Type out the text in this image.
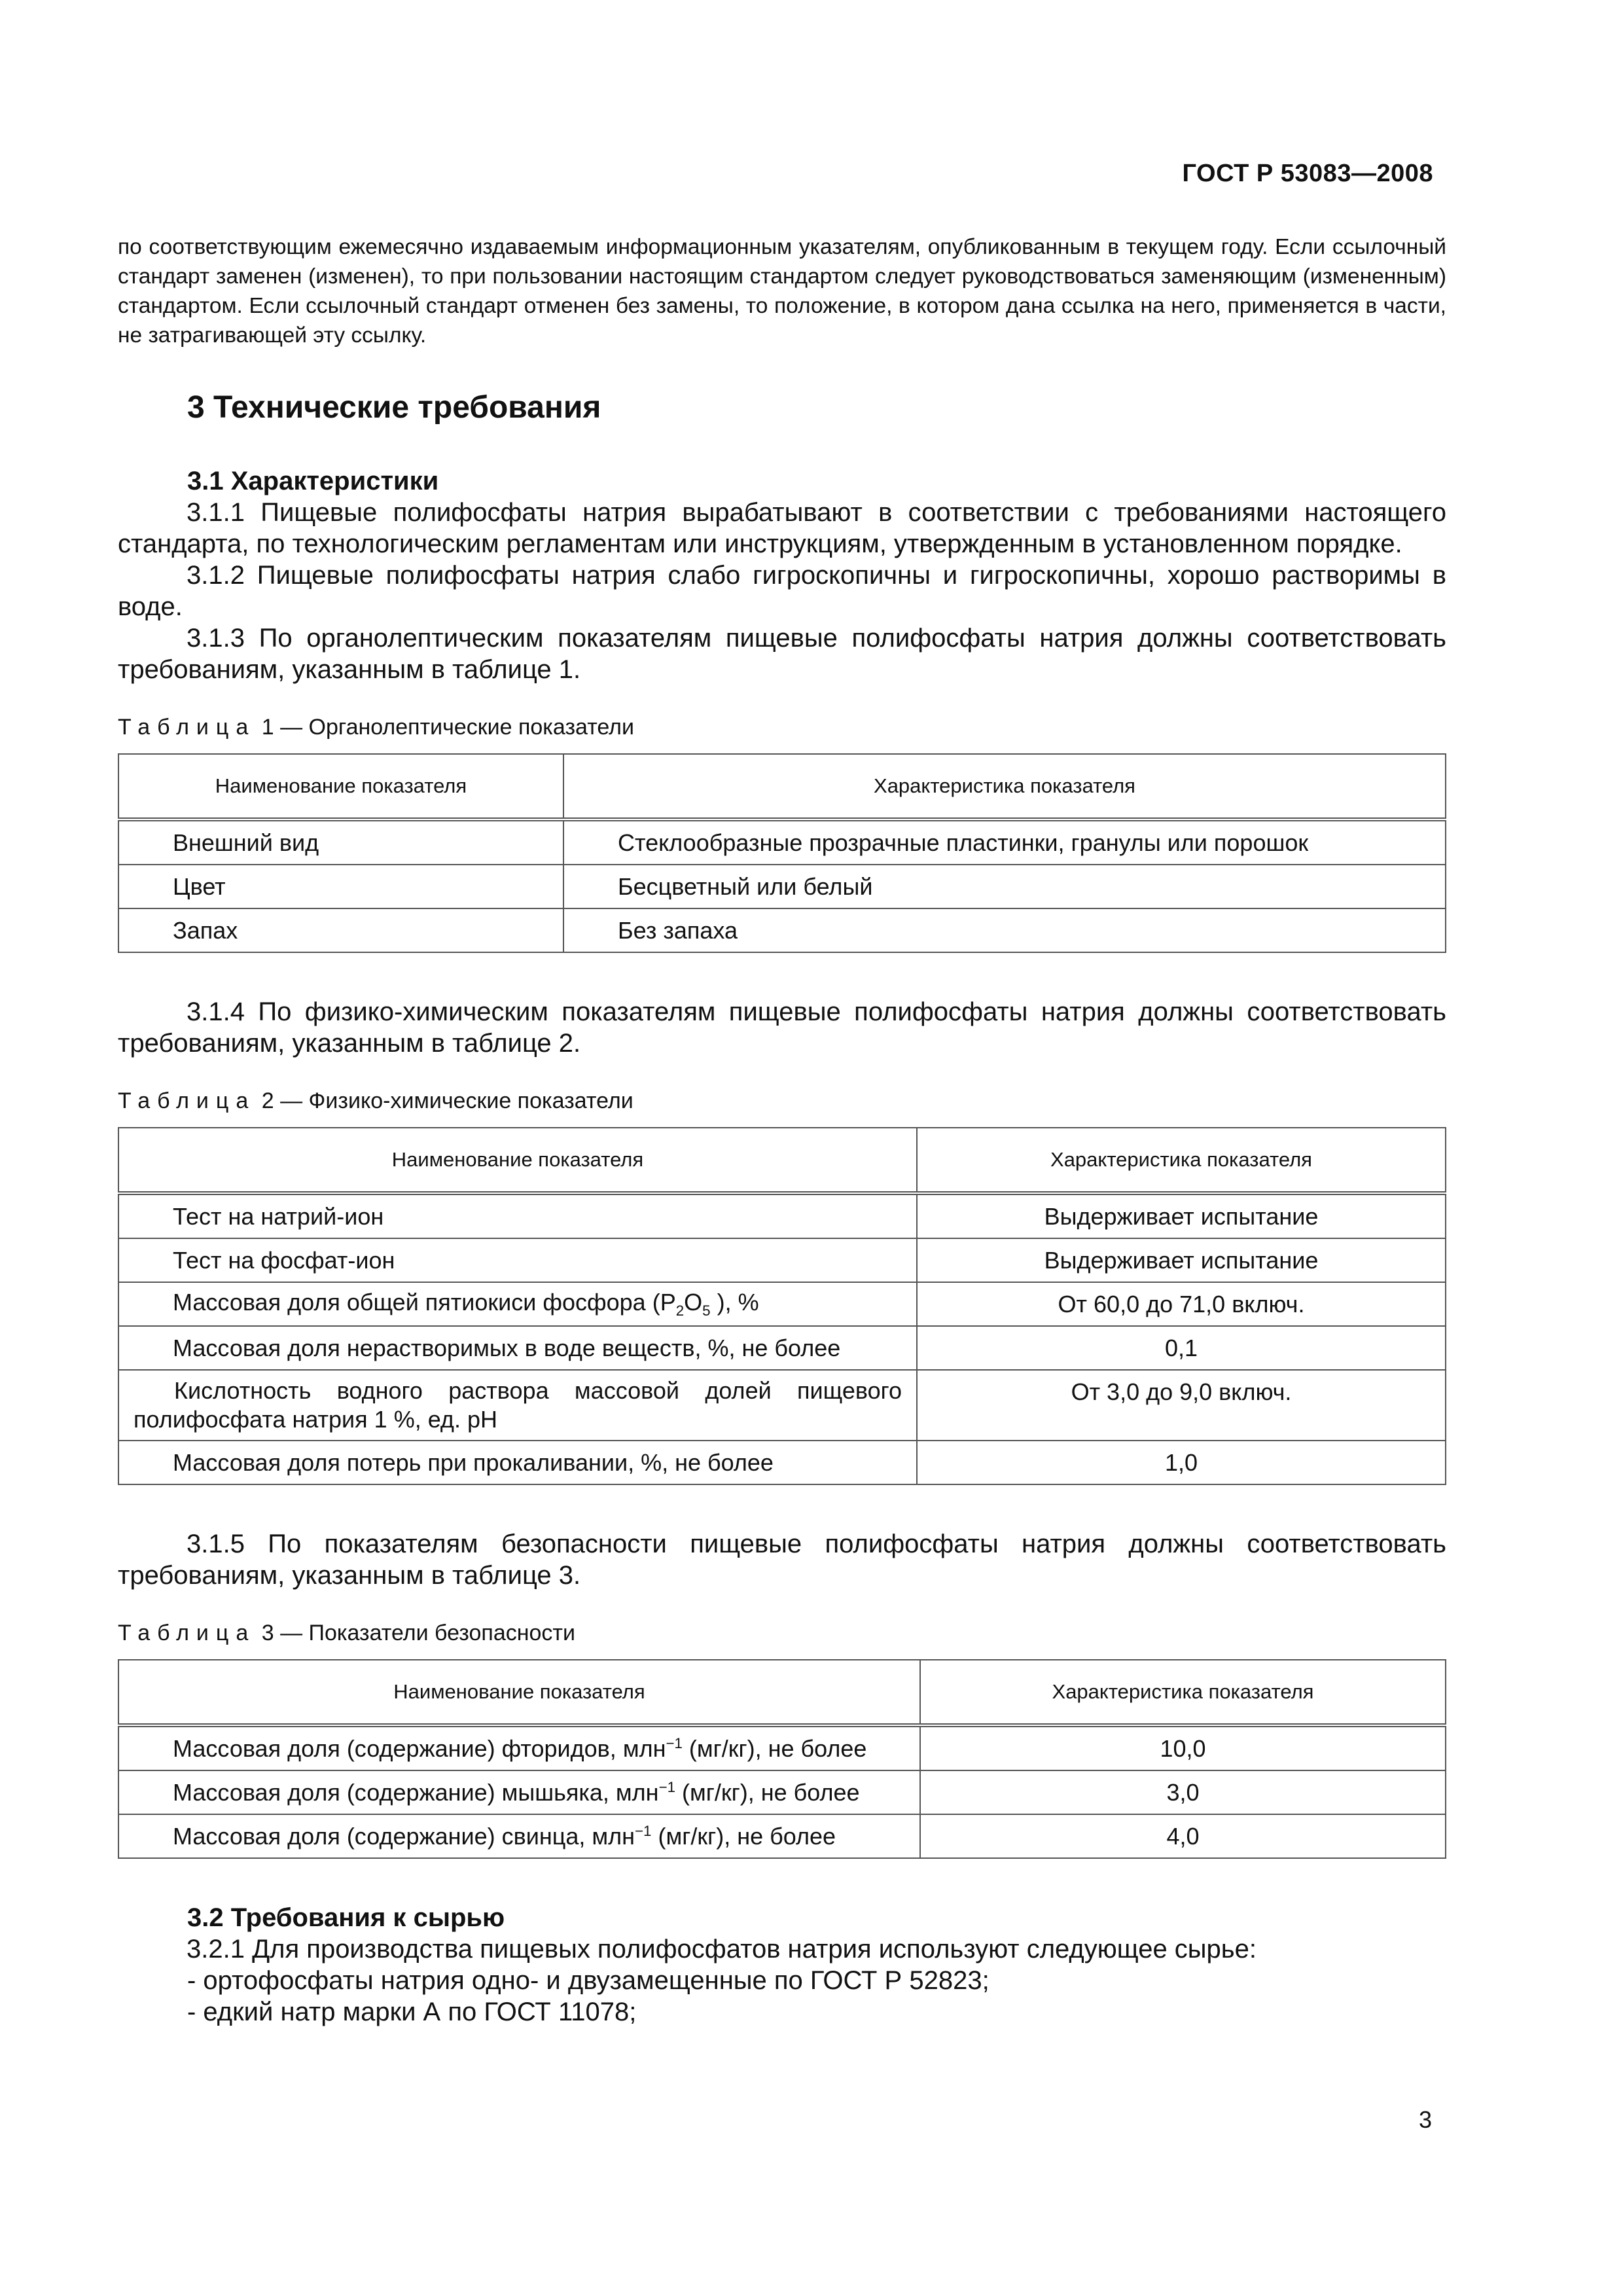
ГОСТ Р 53083—2008

по соответствующим ежемесячно издаваемым информационным указателям, опубликованным в текущем году. Если ссылочный стандарт заменен (изменен), то при пользовании настоящим стандартом следует руководствоваться заменяющим (измененным) стандартом. Если ссылочный стандарт отменен без замены, то положение, в котором дана ссылка на него, применяется в части, не затрагивающей эту ссылку.

3 Технические требования
3.1 Характеристики

3.1.1 Пищевые полифосфаты натрия вырабатывают в соответствии с требованиями настоящего стандарта, по технологическим регламентам или инструкциям, утвержденным в установленном порядке.

3.1.2 Пищевые полифосфаты натрия слабо гигроскопичны и гигроскопичны, хорошо растворимы в воде.

3.1.3 По органолептическим показателям пищевые полифосфаты натрия должны соответствовать требованиям, указанным в таблице 1.

Таблица 1 — Органолептические показатели
Наименование показателя	Характеристика показателя
Внешний вид	Стеклообразные прозрачные пластинки, гранулы или порошок
Цвет	Бесцветный или белый
Запах	Без запаха

3.1.4 По физико-химическим показателям пищевые полифосфаты натрия должны соответствовать требованиям, указанным в таблице 2.

Таблица 2 — Физико-химические показатели
Наименование показателя	Характеристика показателя
Тест на натрий-ион	Выдерживает испытание
Тест на фосфат-ион	Выдерживает испытание
Массовая доля общей пятиокиси фосфора ($P_2O_5$ ), %	От 60,0 до 71,0 включ.
Массовая доля нерастворимых в воде веществ, %, не более	0,1
Кислотность водного раствора массовой долей пищевого полифосфата натрия 1 %, ед. pH	От 3,0 до 9,0 включ.
Массовая доля потерь при прокаливании, %, не более	1,0

3.1.5 По показателям безопасности пищевые полифосфаты натрия должны соответствовать требованиям, указанным в таблице 3.

Таблица 3 — Показатели безопасности
Наименование показателя	Характеристика показателя
Массовая доля (содержание) фторидов, млн$^{-1}$ (мг/кг), не более	10,0
Массовая доля (содержание) мышьяка, млн$^{-1}$ (мг/кг), не более	3,0
Массовая доля (содержание) свинца, млн$^{-1}$ (мг/кг), не более	4,0
3.2 Требования к сырью

3.2.1 Для производства пищевых полифосфатов натрия используют следующее сырье:

- ортофосфаты натрия одно- и двузамещенные по ГОСТ Р 52823;

- едкий натр марки А по ГОСТ 11078;

3
